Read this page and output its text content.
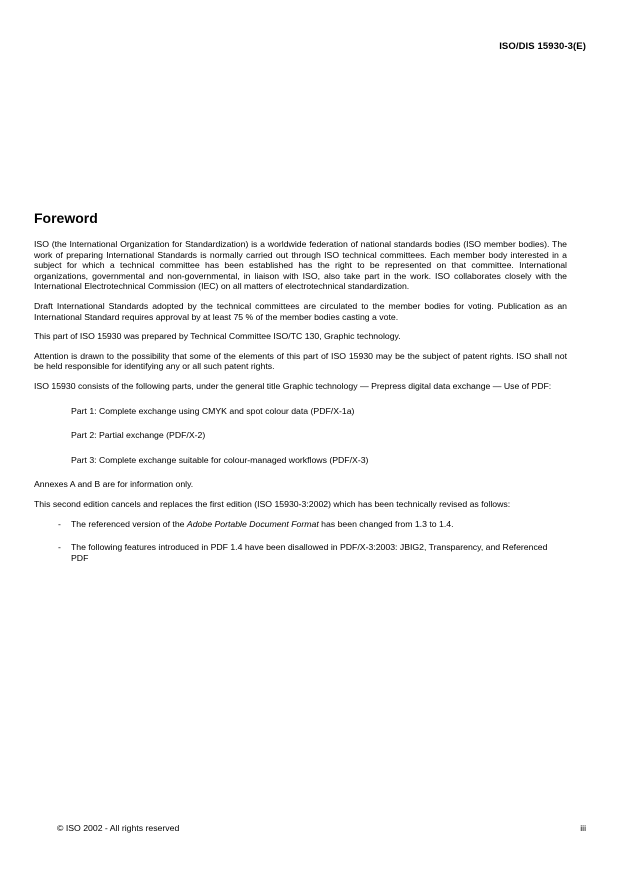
ISO/DIS 15930-3(E)
Foreword

ISO (the International Organization for Standardization) is a worldwide federation of national standards bodies (ISO member bodies). The work of preparing International Standards is normally carried out through ISO technical committees. Each member body interested in a subject for which a technical committee has been established has the right to be represented on that committee. International organizations, governmental and non-governmental, in liaison with ISO, also take part in the work. ISO collaborates closely with the International Electrotechnical Commission (IEC) on all matters of electrotechnical standardization.

Draft International Standards adopted by the technical committees are circulated to the member bodies for voting. Publication as an International Standard requires approval by at least 75 % of the member bodies casting a vote.

This part of ISO 15930 was prepared by Technical Committee ISO/TC 130, Graphic technology.

Attention is drawn to the possibility that some of the elements of this part of ISO 15930 may be the subject of patent rights. ISO shall not be held responsible for identifying any or all such patent rights.

ISO 15930 consists of the following parts, under the general title Graphic technology — Prepress digital data exchange — Use of PDF:

Part 1: Complete exchange using CMYK and spot colour data (PDF/X-1a)

Part 2: Partial exchange (PDF/X-2)

Part 3: Complete exchange suitable for colour-managed workflows (PDF/X-3)

Annexes A and B are for information only.

This second edition cancels and replaces the first edition (ISO 15930-3:2002) which has been technically revised as follows:

- The referenced version of the Adobe Portable Document Format has been changed from 1.3 to 1.4.
- The following features introduced in PDF 1.4 have been disallowed in PDF/X-3:2003: JBIG2, Transparency, and Referenced PDF
© ISO 2002 - All rights reserved	iii
